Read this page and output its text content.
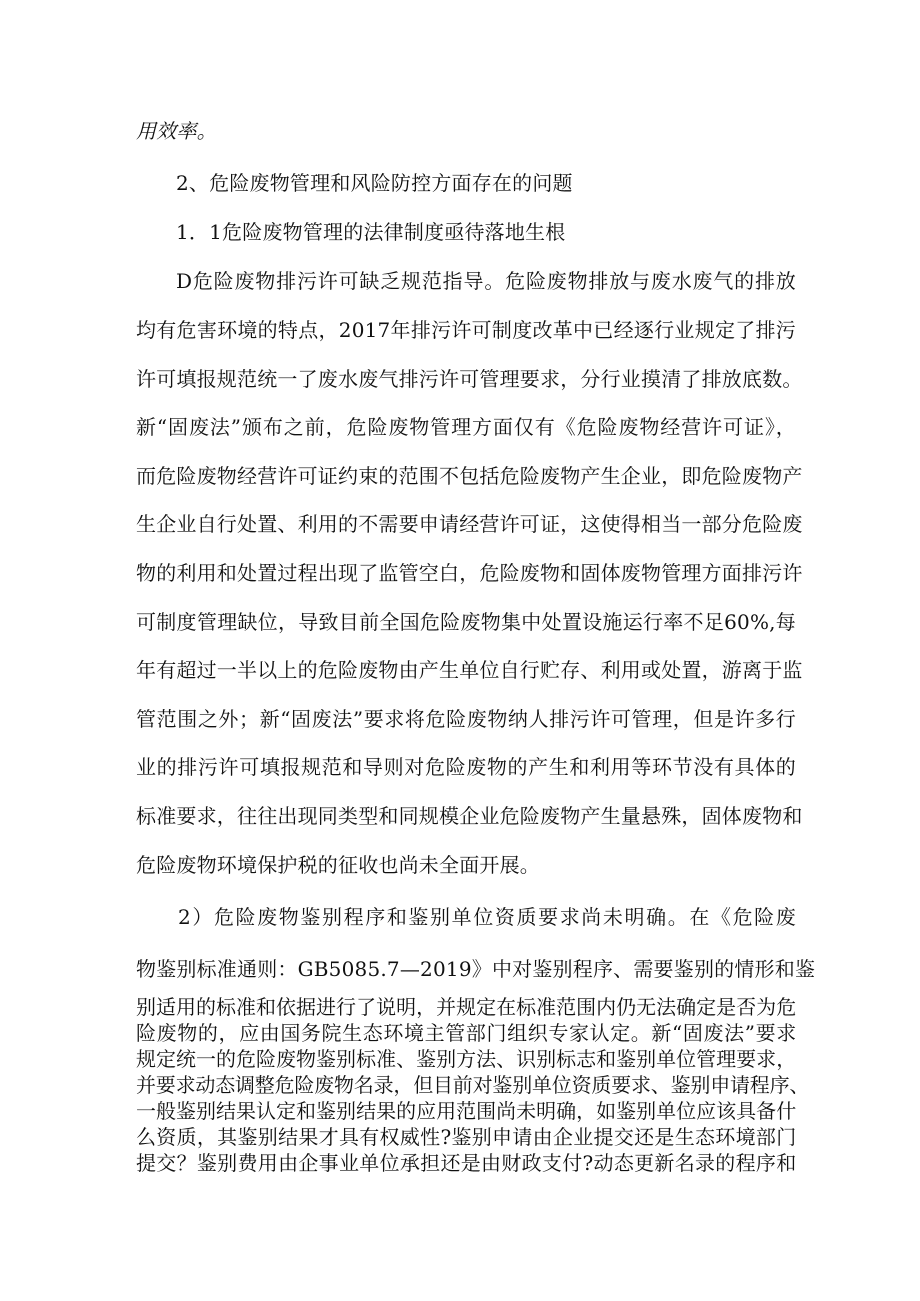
用效率。
2、危险废物管理和风险防控方面存在的问题
1．1危险废物管理的法律制度亟待落地生根
D危险废物排污许可缺乏规范指导。危险废物排放与废水废气的排放
均有危害环境的特点，2017年排污许可制度改革中已经逐行业规定了排污
许可填报规范统一了废水废气排污许可管理要求，分行业摸清了排放底数。
新“固废法”颁布之前，危险废物管理方面仅有《危险废物经营许可证》，
而危险废物经营许可证约束的范围不包括危险废物产生企业，即危险废物产
生企业自行处置、利用的不需要申请经营许可证，这使得相当一部分危险废
物的利用和处置过程出现了监管空白，危险废物和固体废物管理方面排污许
可制度管理缺位，导致目前全国危险废物集中处置设施运行率不足60%,每
年有超过一半以上的危险废物由产生单位自行贮存、利用或处置，游离于监
管范围之外；新“固废法”要求将危险废物纳人排污许可管理，但是许多行
业的排污许可填报规范和导则对危险废物的产生和利用等环节没有具体的
标准要求，往往出现同类型和同规模企业危险废物产生量悬殊，固体废物和
危险废物环境保护税的征收也尚未全面开展。
2）危险废物鉴别程序和鉴别单位资质要求尚未明确。在《危险废
物鉴别标准通则：GB5085.7—2019》中对鉴别程序、需要鉴别的情形和鉴
别适用的标准和依据进行了说明，并规定在标准范围内仍无法确定是否为危
险废物的，应由国务院生态环境主管部门组织专家认定。新“固废法”要求
规定统一的危险废物鉴别标准、鉴别方法、识别标志和鉴别单位管理要求，
并要求动态调整危险废物名录，但目前对鉴别单位资质要求、鉴别申请程序、
一般鉴别结果认定和鉴别结果的应用范围尚未明确，如鉴别单位应该具备什
么资质，其鉴别结果才具有权威性?鉴别申请由企业提交还是生态环境部门
提交？鉴别费用由企事业单位承担还是由财政支付?动态更新名录的程序和
